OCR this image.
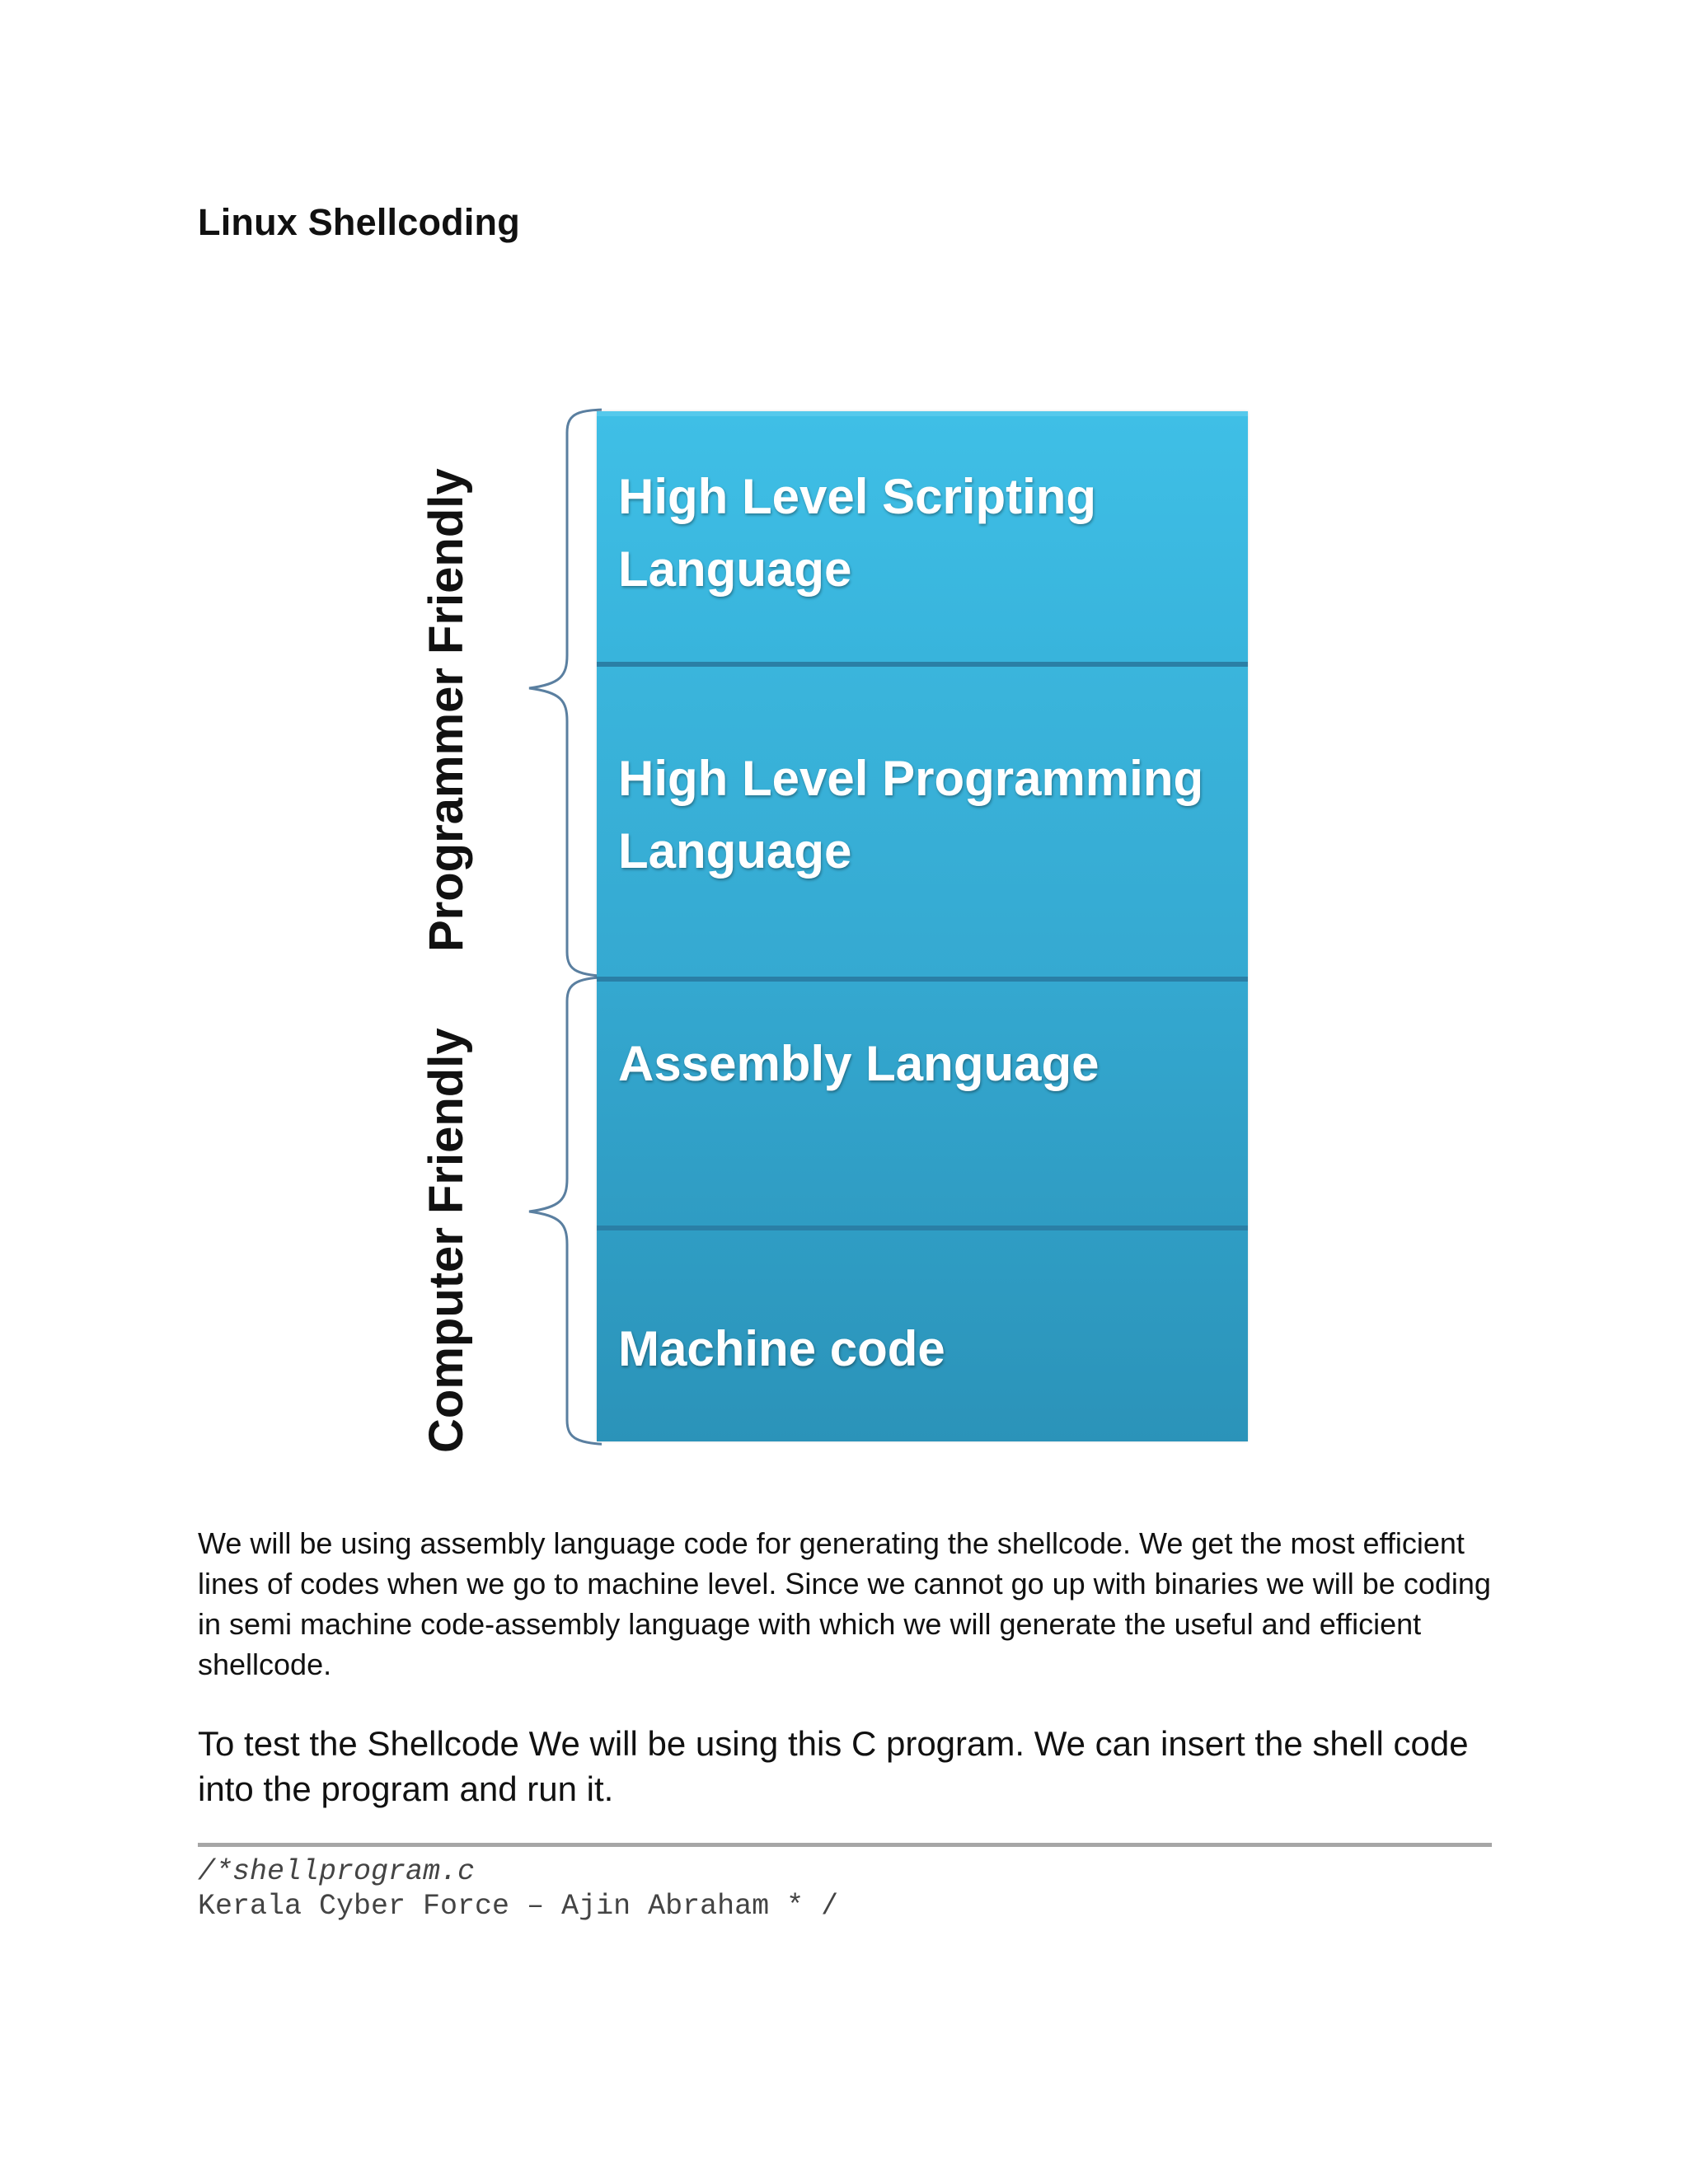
Linux Shellcoding
Programmer Friendly
Computer Friendly
High Level Scripting
Language
High Level Programming
Language
Assembly Language
Machine code

We will be using assembly language code for generating the shellcode. We get the most efficient lines of codes when we go to machine level. Since we cannot go up with binaries we will be coding in semi machine code-assembly language with which we will generate the useful and efficient shellcode.

To test the Shellcode We will be using this C program. We can insert the shell code into the program and run it.

/*shellprogram.c
Kerala Cyber Force – Ajin Abraham * /
